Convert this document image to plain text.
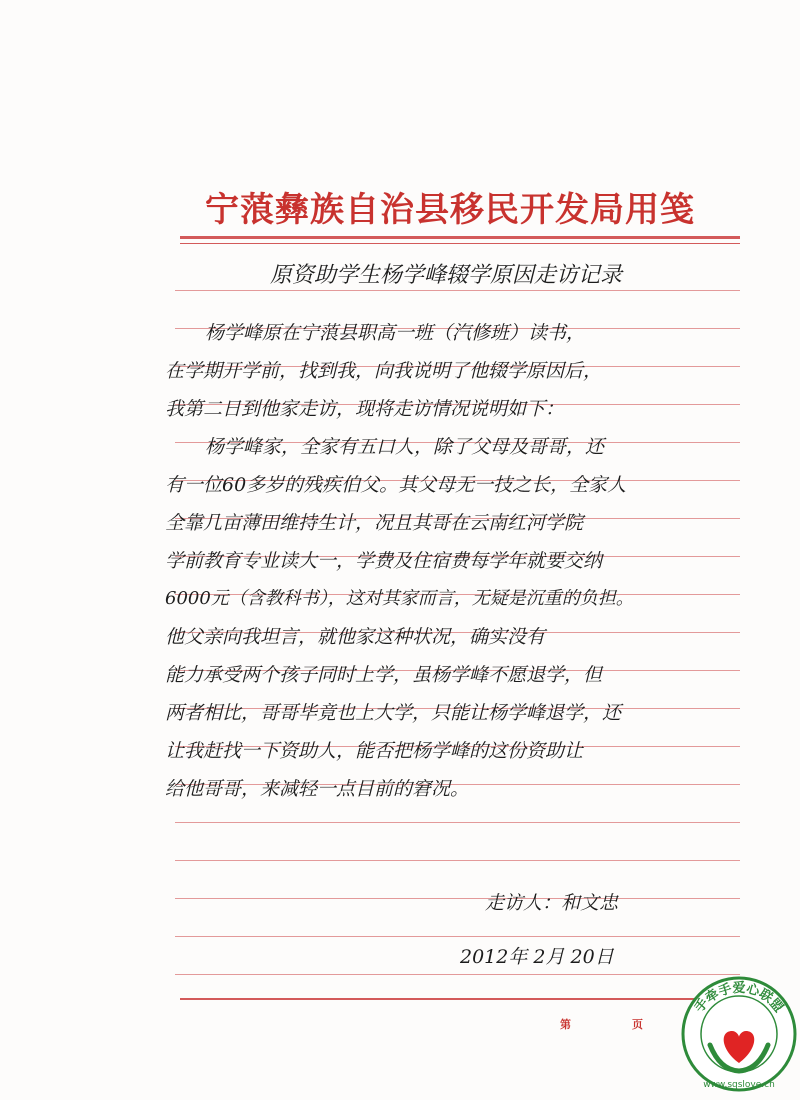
宁蒗彝族自治县移民开发局用笺
原资助学生杨学峰辍学原因走访记录
杨学峰原在宁蒗县职高一班（汽修班）读书，
在学期开学前，找到我，向我说明了他辍学原因后，
我第二日到他家走访，现将走访情况说明如下：
杨学峰家，全家有五口人，除了父母及哥哥，还
有一位60多岁的残疾伯父。其父母无一技之长，全家人
全靠几亩薄田维持生计，况且其哥在云南红河学院
学前教育专业读大一，学费及住宿费每学年就要交纳
6000元（含教科书），这对其家而言，无疑是沉重的负担。
他父亲向我坦言，就他家这种状况，确实没有
能力承受两个孩子同时上学，虽杨学峰不愿退学，但
两者相比，哥哥毕竟也上大学，只能让杨学峰退学，还
让我赶找一下资助人，能否把杨学峰的这份资助让
给他哥哥，来减轻一点目前的窘况。
走访人：和文忠
2012年 2月 20日
第	页
手牵手爱心联盟
www.sqslove.cn
